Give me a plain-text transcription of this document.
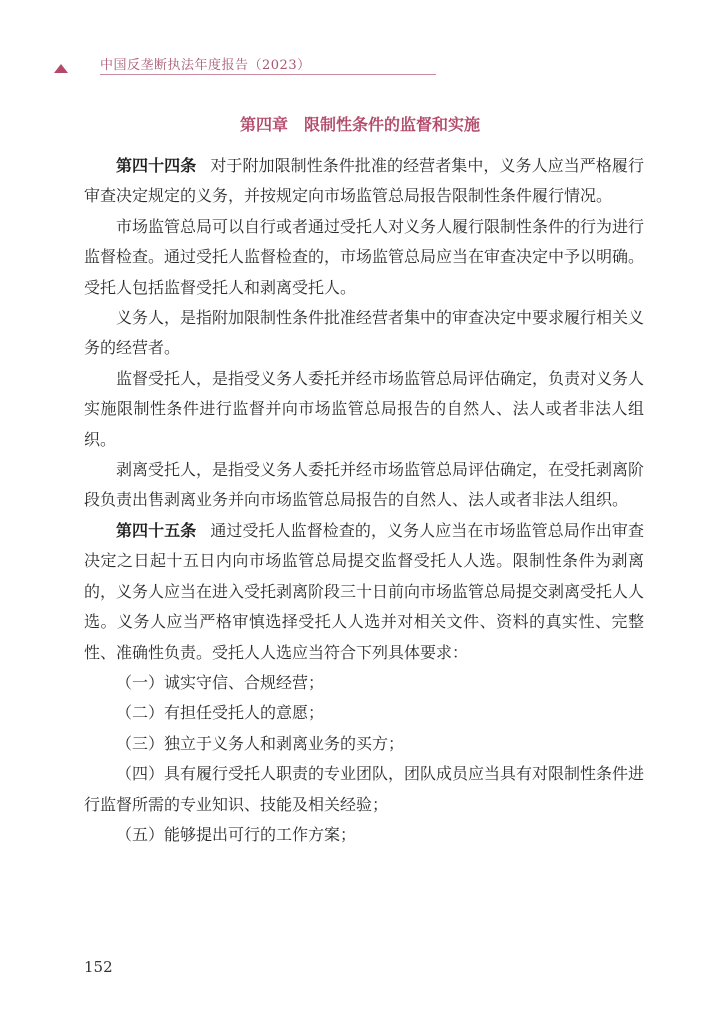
中国反垄断执法年度报告（2023）
第四章 限制性条件的监督和实施

第四十四条 对于附加限制性条件批准的经营者集中，义务人应当严格履行审查决定规定的义务，并按规定向市场监管总局报告限制性条件履行情况。

市场监管总局可以自行或者通过受托人对义务人履行限制性条件的行为进行监督检查。通过受托人监督检查的，市场监管总局应当在审查决定中予以明确。受托人包括监督受托人和剥离受托人。

义务人，是指附加限制性条件批准经营者集中的审查决定中要求履行相关义务的经营者。

监督受托人，是指受义务人委托并经市场监管总局评估确定，负责对义务人实施限制性条件进行监督并向市场监管总局报告的自然人、法人或者非法人组织。

剥离受托人，是指受义务人委托并经市场监管总局评估确定，在受托剥离阶段负责出售剥离业务并向市场监管总局报告的自然人、法人或者非法人组织。

第四十五条 通过受托人监督检查的，义务人应当在市场监管总局作出审查决定之日起十五日内向市场监管总局提交监督受托人人选。限制性条件为剥离的，义务人应当在进入受托剥离阶段三十日前向市场监管总局提交剥离受托人人选。义务人应当严格审慎选择受托人人选并对相关文件、资料的真实性、完整性、准确性负责。受托人人选应当符合下列具体要求：

（一）诚实守信、合规经营；

（二）有担任受托人的意愿；

（三）独立于义务人和剥离业务的买方；

（四）具有履行受托人职责的专业团队，团队成员应当具有对限制性条件进行监督所需的专业知识、技能及相关经验；

（五）能够提出可行的工作方案；

152
